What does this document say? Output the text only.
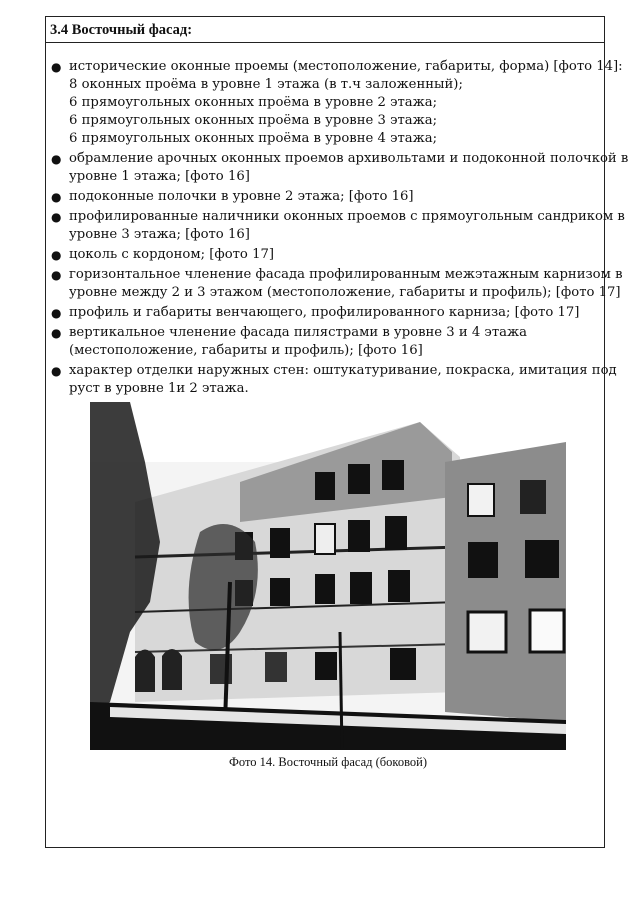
3.4 Восточный фасад:
● исторические оконные проемы (местоположение, габариты, форма) [фото 14]:
8 оконных проёма в уровне 1 этажа (в т.ч заложенный);
6 прямоугольных оконных проёма в уровне 2 этажа;
6 прямоугольных оконных проёма в уровне 3 этажа;
6 прямоугольных оконных проёма в уровне 4 этажа;
● обрамление арочных оконных проемов архивольтами и подоконной полочкой в
уровне 1 этажа; [фото 16]
● подоконные полочки в уровне 2 этажа; [фото 16]
● профилированные наличники оконных проемов с прямоугольным сандриком в
уровне 3 этажа; [фото 16]
● цоколь с кордоном; [фото 17]
● горизонтальное членение фасада профилированным межэтажным карнизом в
уровне между 2 и 3 этажом (местоположение, габариты и профиль); [фото 17]
● профиль и габариты венчающего, профилированного карниза; [фото 17]
● вертикальное членение фасада пилястрами в уровне 3 и 4 этажа
(местоположение, габариты и профиль); [фото 16]
● характер отделки наружных стен: оштукатуривание, покраска, имитация под
руст в уровне 1и 2 этажа.
Фото 14. Восточный фасад (боковой)
